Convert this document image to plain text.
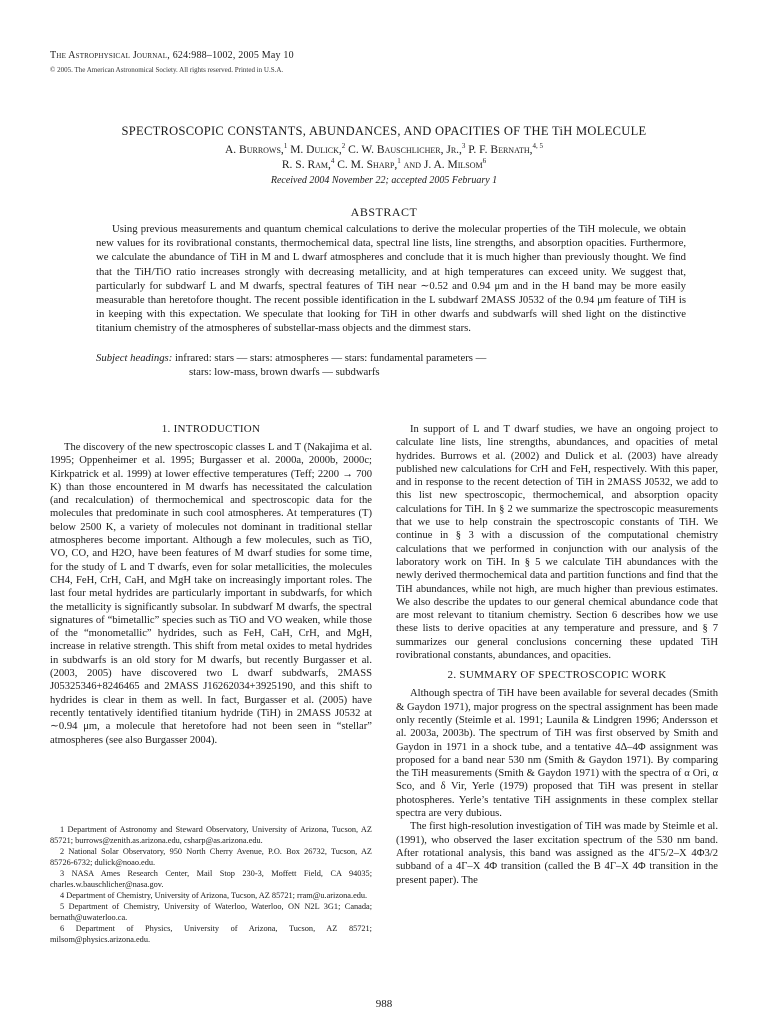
The Astrophysical Journal, 624:988–1002, 2005 May 10
© 2005. The American Astronomical Society. All rights reserved. Printed in U.S.A.
SPECTROSCOPIC CONSTANTS, ABUNDANCES, AND OPACITIES OF THE TiH MOLECULE
A. Burrows,$^1$ M. Dulick,$^2$ C. W. Bauschlicher, Jr.,$^3$ P. F. Bernath,$^{4, 5}$
R. S. Ram,$^4$ C. M. Sharp,$^1$ and J. A. Milsom$^6$
Received 2004 November 22; accepted 2005 February 1
ABSTRACT

Using previous measurements and quantum chemical calculations to derive the molecular properties of the TiH molecule, we obtain new values for its rovibrational constants, thermochemical data, spectral line lists, line strengths, and absorption opacities. Furthermore, we calculate the abundance of TiH in M and L dwarf atmospheres and conclude that it is much higher than previously thought. We find that the TiH/TiO ratio increases strongly with decreasing metallicity, and at high temperatures can exceed unity. We suggest that, particularly for subdwarf L and M dwarfs, spectral features of TiH near ∼0.52 and 0.94 μm and in the H band may be more easily measurable than heretofore thought. The recent possible identification in the L subdwarf 2MASS J0532 of the 0.94 μm feature of TiH is in keeping with this expectation. We speculate that looking for TiH in other dwarfs and subdwarfs will shed light on the distinctive titanium chemistry of the atmospheres of substellar-mass objects and the dimmest stars.

Subject headings: infrared: stars — stars: atmospheres — stars: fundamental parameters —
stars: low-mass, brown dwarfs — subdwarfs
1. INTRODUCTION

The discovery of the new spectroscopic classes L and T (Nakajima et al. 1995; Oppenheimer et al. 1995; Burgasser et al. 2000a, 2000b, 2000c; Kirkpatrick et al. 1999) at lower effective temperatures (Teff; 2200 → 700 K) than those encountered in M dwarfs has necessitated the calculation (and recalculation) of thermochemical and spectroscopic data for the molecules that predominate in such cool atmospheres. At temperatures (T) below 2500 K, a variety of molecules not dominant in traditional stellar atmospheres become important. Although a few molecules, such as TiO, VO, CO, and H2O, have been features of M dwarf studies for some time, for the study of L and T dwarfs, even for solar metallicities, the molecules CH4, FeH, CrH, CaH, and MgH take on increasingly important roles. The last four metal hydrides are particularly important in subdwarfs, for which the metallicity is significantly subsolar. In subdwarf M dwarfs, the spectral signatures of “bimetallic” species such as TiO and VO weaken, while those of the “monometallic” hydrides, such as FeH, CaH, CrH, and MgH, increase in relative strength. This shift from metal oxides to metal hydrides in subdwarfs is an old story for M dwarfs, but recently Burgasser et al. (2003, 2005) have discovered two L dwarf subdwarfs, 2MASS J05325346+8246465 and 2MASS J16262034+3925190, and this shift to hydrides is clear in them as well. In fact, Burgasser et al. (2005) have recently tentatively identified titanium hydride (TiH) in 2MASS J0532 at ∼0.94 μm, a molecule that heretofore had not been seen in “stellar” atmospheres (see also Burgasser 2004).

1 Department of Astronomy and Steward Observatory, University of Arizona, Tucson, AZ 85721; burrows@zenith.as.arizona.edu, csharp@as.arizona.edu.

2 National Solar Observatory, 950 North Cherry Avenue, P.O. Box 26732, Tucson, AZ 85726-6732; dulick@noao.edu.

3 NASA Ames Research Center, Mail Stop 230-3, Moffett Field, CA 94035; charles.w.bauschlicher@nasa.gov.

4 Department of Chemistry, University of Arizona, Tucson, AZ 85721; rram@u.arizona.edu.

5 Department of Chemistry, University of Waterloo, Waterloo, ON N2L 3G1; Canada; bernath@uwaterloo.ca.

6 Department of Physics, University of Arizona, Tucson, AZ 85721; milsom@physics.arizona.edu.

In support of L and T dwarf studies, we have an ongoing project to calculate line lists, line strengths, abundances, and opacities of metal hydrides. Burrows et al. (2002) and Dulick et al. (2003) have already published new calculations for CrH and FeH, respectively. With this paper, and in response to the recent detection of TiH in 2MASS J0532, we add to this list new spectroscopic, thermochemical, and absorption opacity calculations for TiH. In § 2 we summarize the spectroscopic measurements that we use to help constrain the spectroscopic constants of TiH. We continue in § 3 with a discussion of the computational chemistry calculations that we performed in conjunction with our analysis of the laboratory work on TiH. In § 5 we calculate TiH abundances with the newly derived thermochemical data and partition functions and find that the TiH abundances, while not high, are much higher than previous estimates. We also describe the updates to our general chemical abundance code that are most relevant to titanium chemistry. Section 6 describes how we use these lists to derive opacities at any temperature and pressure, and § 7 summarizes our general conclusions concerning these updated TiH rovibrational constants, abundances, and opacities.

2. SUMMARY OF SPECTROSCOPIC WORK

Although spectra of TiH have been available for several decades (Smith & Gaydon 1971), major progress on the spectral assignment has been made only recently (Steimle et al. 1991; Launila & Lindgren 1996; Andersson et al. 2003a, 2003b). The spectrum of TiH was first observed by Smith and Gaydon in 1971 in a shock tube, and a tentative 4Δ–4Φ assignment was proposed for a band near 530 nm (Smith & Gaydon 1971). By comparing the TiH measurements (Smith & Gaydon 1971) with the spectra of α Ori, α Sco, and δ Vir, Yerle (1979) proposed that TiH was present in stellar photospheres. Yerle’s tentative TiH assignments in these complex stellar spectra are very dubious.

The first high-resolution investigation of TiH was made by Steimle et al. (1991), who observed the laser excitation spectrum of the 530 nm band. After rotational analysis, this band was assigned as the 4Γ5/2–X 4Φ3/2 subband of a 4Γ–X 4Φ transition (called the B 4Γ–X 4Φ transition in the present paper). The

988
